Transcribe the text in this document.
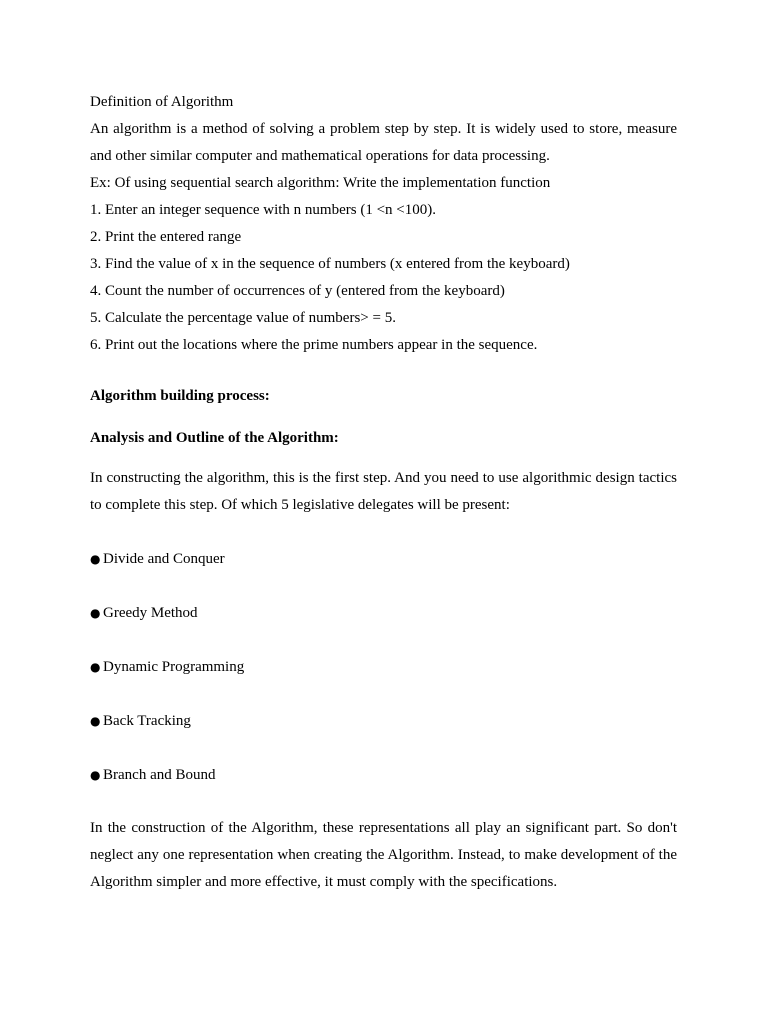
Definition of Algorithm

An algorithm is a method of solving a problem step by step. It is widely used to store, measure and other similar computer and mathematical operations for data processing.

Ex: Of using sequential search algorithm: Write the implementation function

1. Enter an integer sequence with n numbers (1 <n <100).

2. Print the entered range

3. Find the value of x in the sequence of numbers (x entered from the keyboard)

4. Count the number of occurrences of y (entered from the keyboard)

5. Calculate the percentage value of numbers> = 5.

6. Print out the locations where the prime numbers appear in the sequence.

Algorithm building process:

Analysis and Outline of the Algorithm:

In constructing the algorithm, this is the first step. And you need to use algorithmic design tactics to complete this step. Of which 5 legislative delegates will be present:

● Divide and Conquer
● Greedy Method
● Dynamic Programming
● Back Tracking
● Branch and Bound

In the construction of the Algorithm, these representations all play an significant part. So don't neglect any one representation when creating the Algorithm. Instead, to make development of the Algorithm simpler and more effective, it must comply with the specifications.
